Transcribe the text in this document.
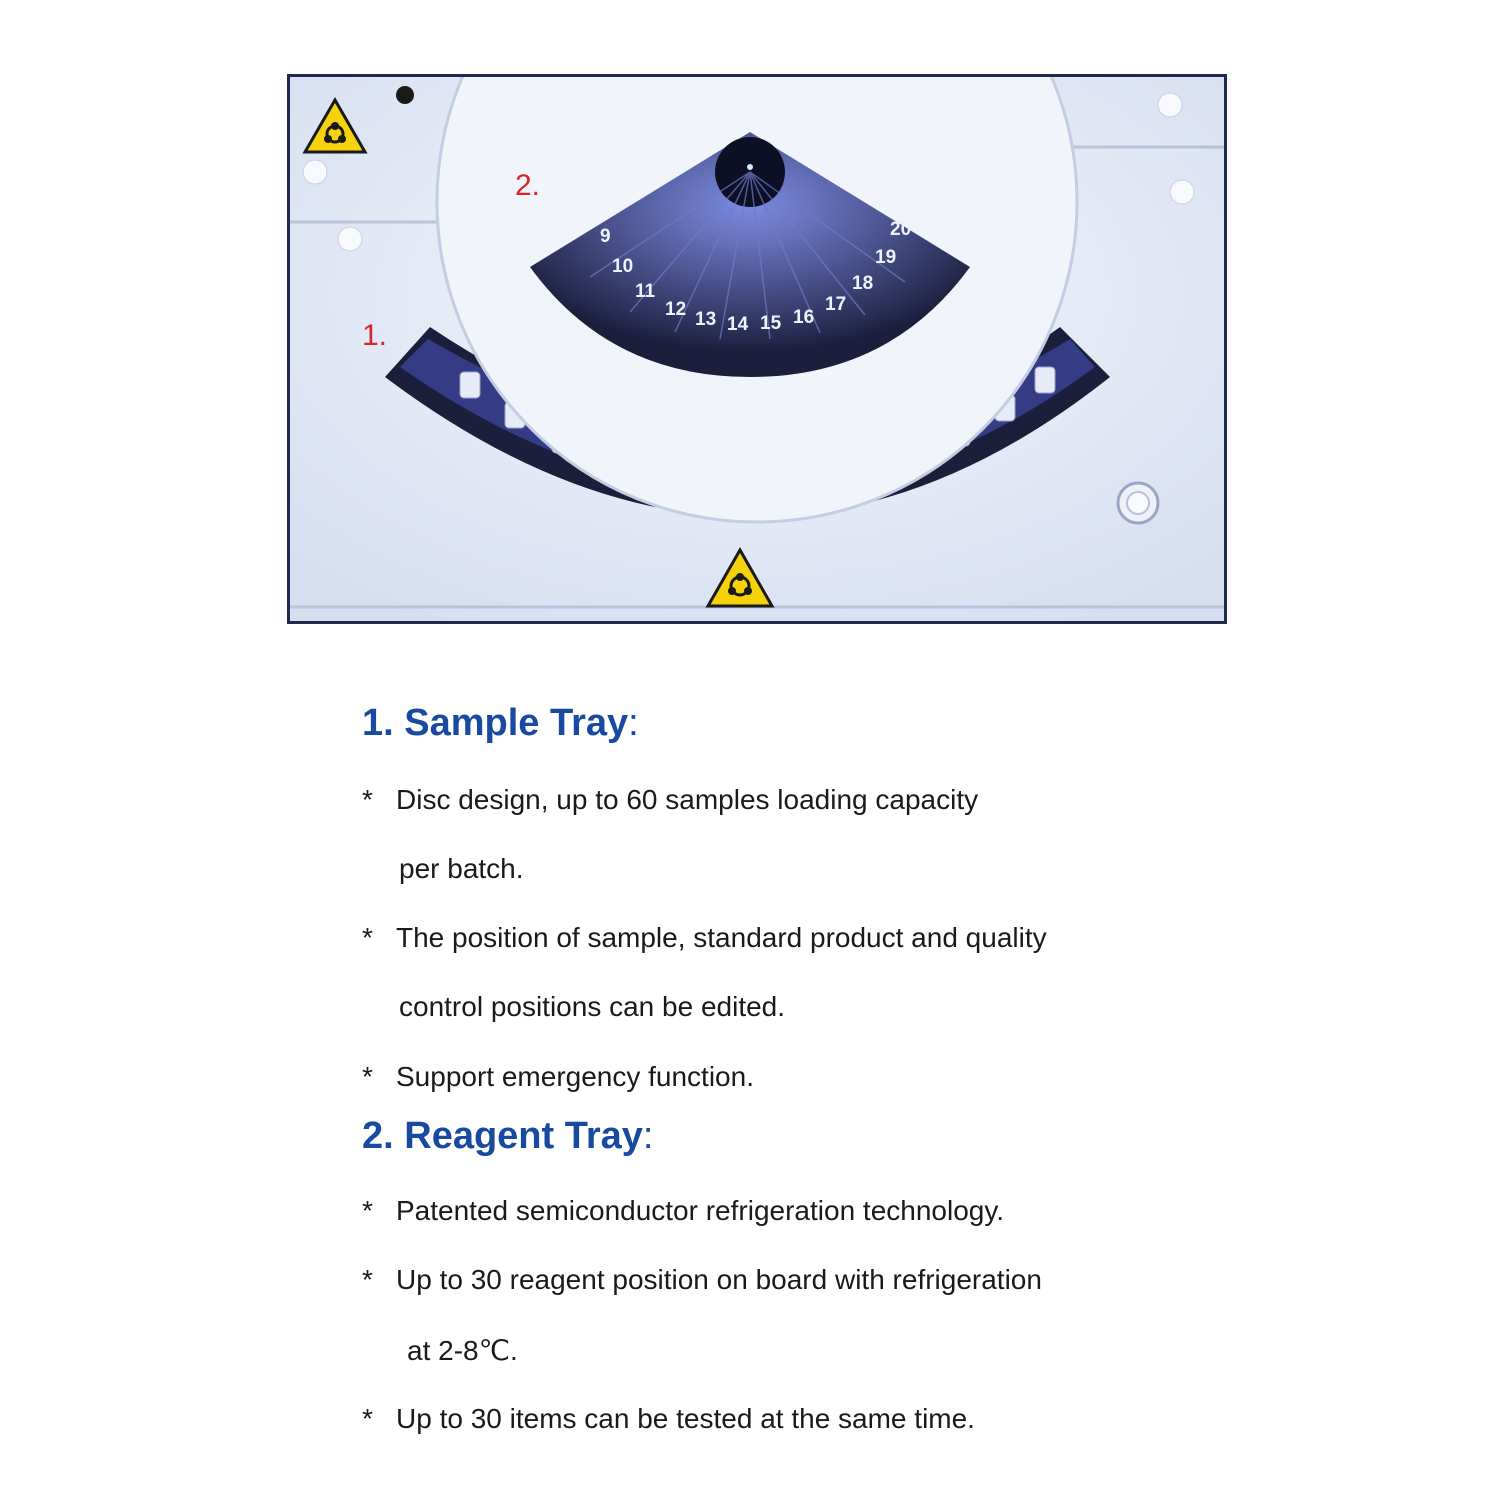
9
10
11
12 13 14 15 16
17
18
19
20
2.
1.
1. Sample Tray:
* Disc design, up to 60 samples loading capacity
per batch.
* The position of sample, standard product and quality
control positions can be edited.
* Support emergency function.
2. Reagent Tray:
* Patented semiconductor refrigeration technology.
* Up to 30 reagent position on board with refrigeration
at 2-8℃.
* Up to 30 items can be tested at the same time.
